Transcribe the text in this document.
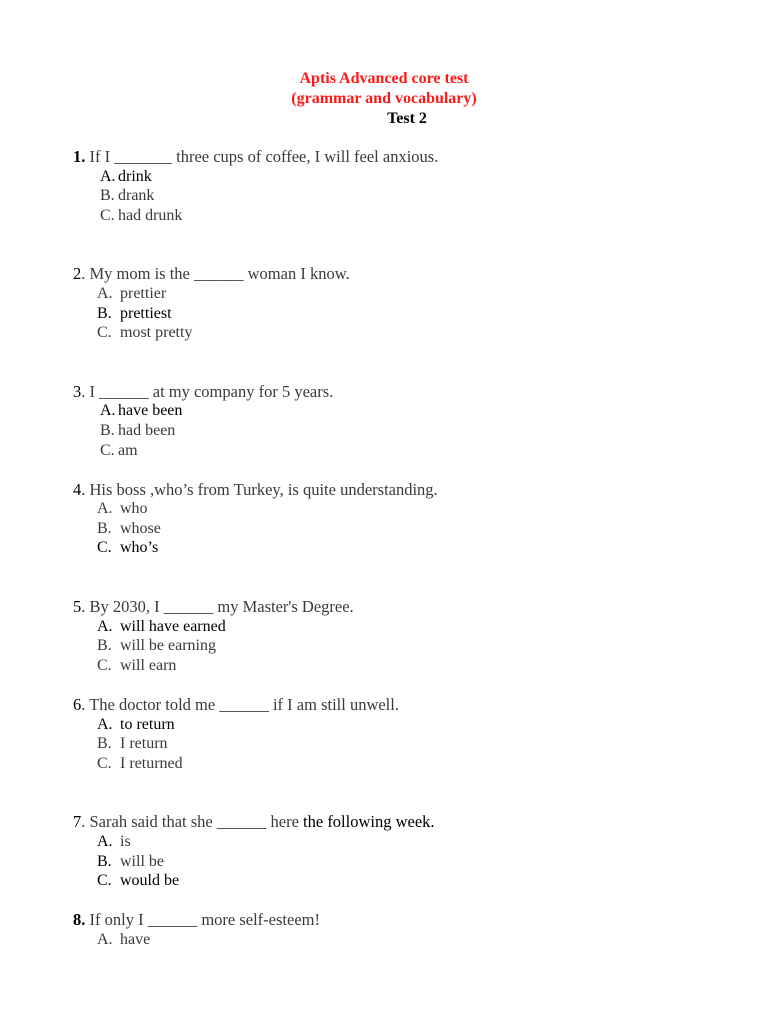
Aptis Advanced core test
(grammar and vocabulary)
Test 2
1. If I _______ three cups of coffee, I will feel anxious.
A. drink
B. drank
C. had drunk
2. My mom is the ______ woman I know.
A. prettier
B. prettiest
C. most pretty
3. I ______ at my company for 5 years.
A. have been
B. had been
C. am
4. His boss ,who’s from Turkey, is quite understanding.
A. who
B. whose
C. who’s
5. By 2030, I ______ my Master's Degree.
A. will have earned
B. will be earning
C. will earn
6. The doctor told me ______ if I am still unwell.
A. to return
B. I return
C. I returned
7. Sarah said that she ______ here the following week.
A. is
B. will be
C. would be
8. If only I ______ more self-esteem!
A. have
